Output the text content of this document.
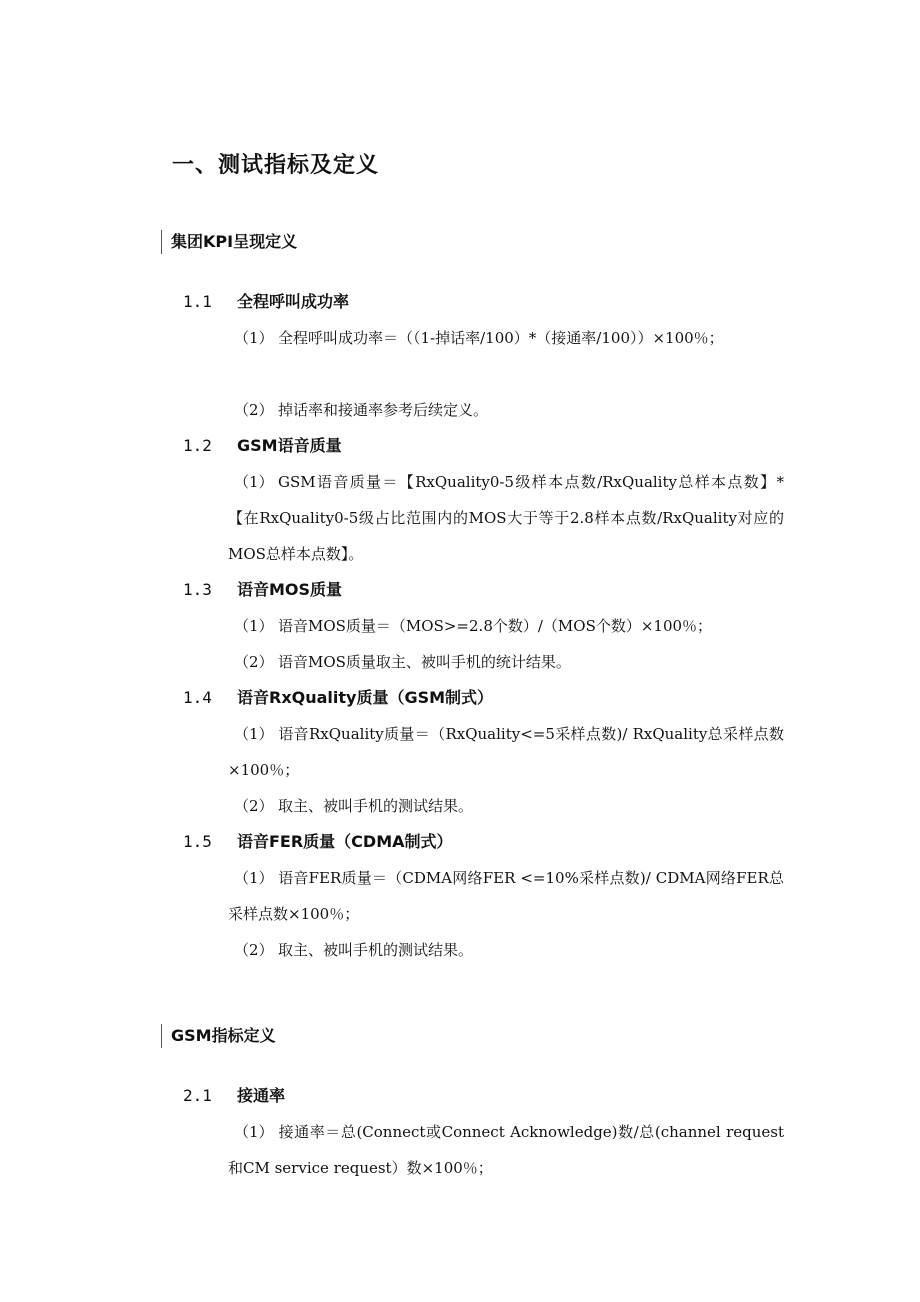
一、测试指标及定义
集团KPI呈现定义
1.1 全程呼叫成功率
（1） 全程呼叫成功率＝（（1-掉话率/100）*（接通率/100））×100％；
（2） 掉话率和接通率参考后续定义。
1.2 GSM语音质量
（1） GSM语音质量＝【RxQuality0-5级样本点数/RxQuality总样本点数】*【在RxQuality0-5级占比范围内的MOS大于等于2.8样本点数/RxQuality对应的MOS总样本点数】。
1.3 语音MOS质量
（1） 语音MOS质量＝（MOS>=2.8个数）/（MOS个数）×100％；
（2） 语音MOS质量取主、被叫手机的统计结果。
1.4 语音RxQuality质量（GSM制式）
（1） 语音RxQuality质量＝（RxQuality<=5采样点数)/ RxQuality总采样点数×100％；
（2） 取主、被叫手机的测试结果。
1.5 语音FER质量（CDMA制式）
（1） 语音FER质量＝（CDMA网络FER <=10%采样点数)/ CDMA网络FER总采样点数×100％；
（2） 取主、被叫手机的测试结果。
GSM指标定义
2.1 接通率
（1） 接通率＝总(Connect或Connect Acknowledge)数/总(channel request和CM service request）数×100％；
